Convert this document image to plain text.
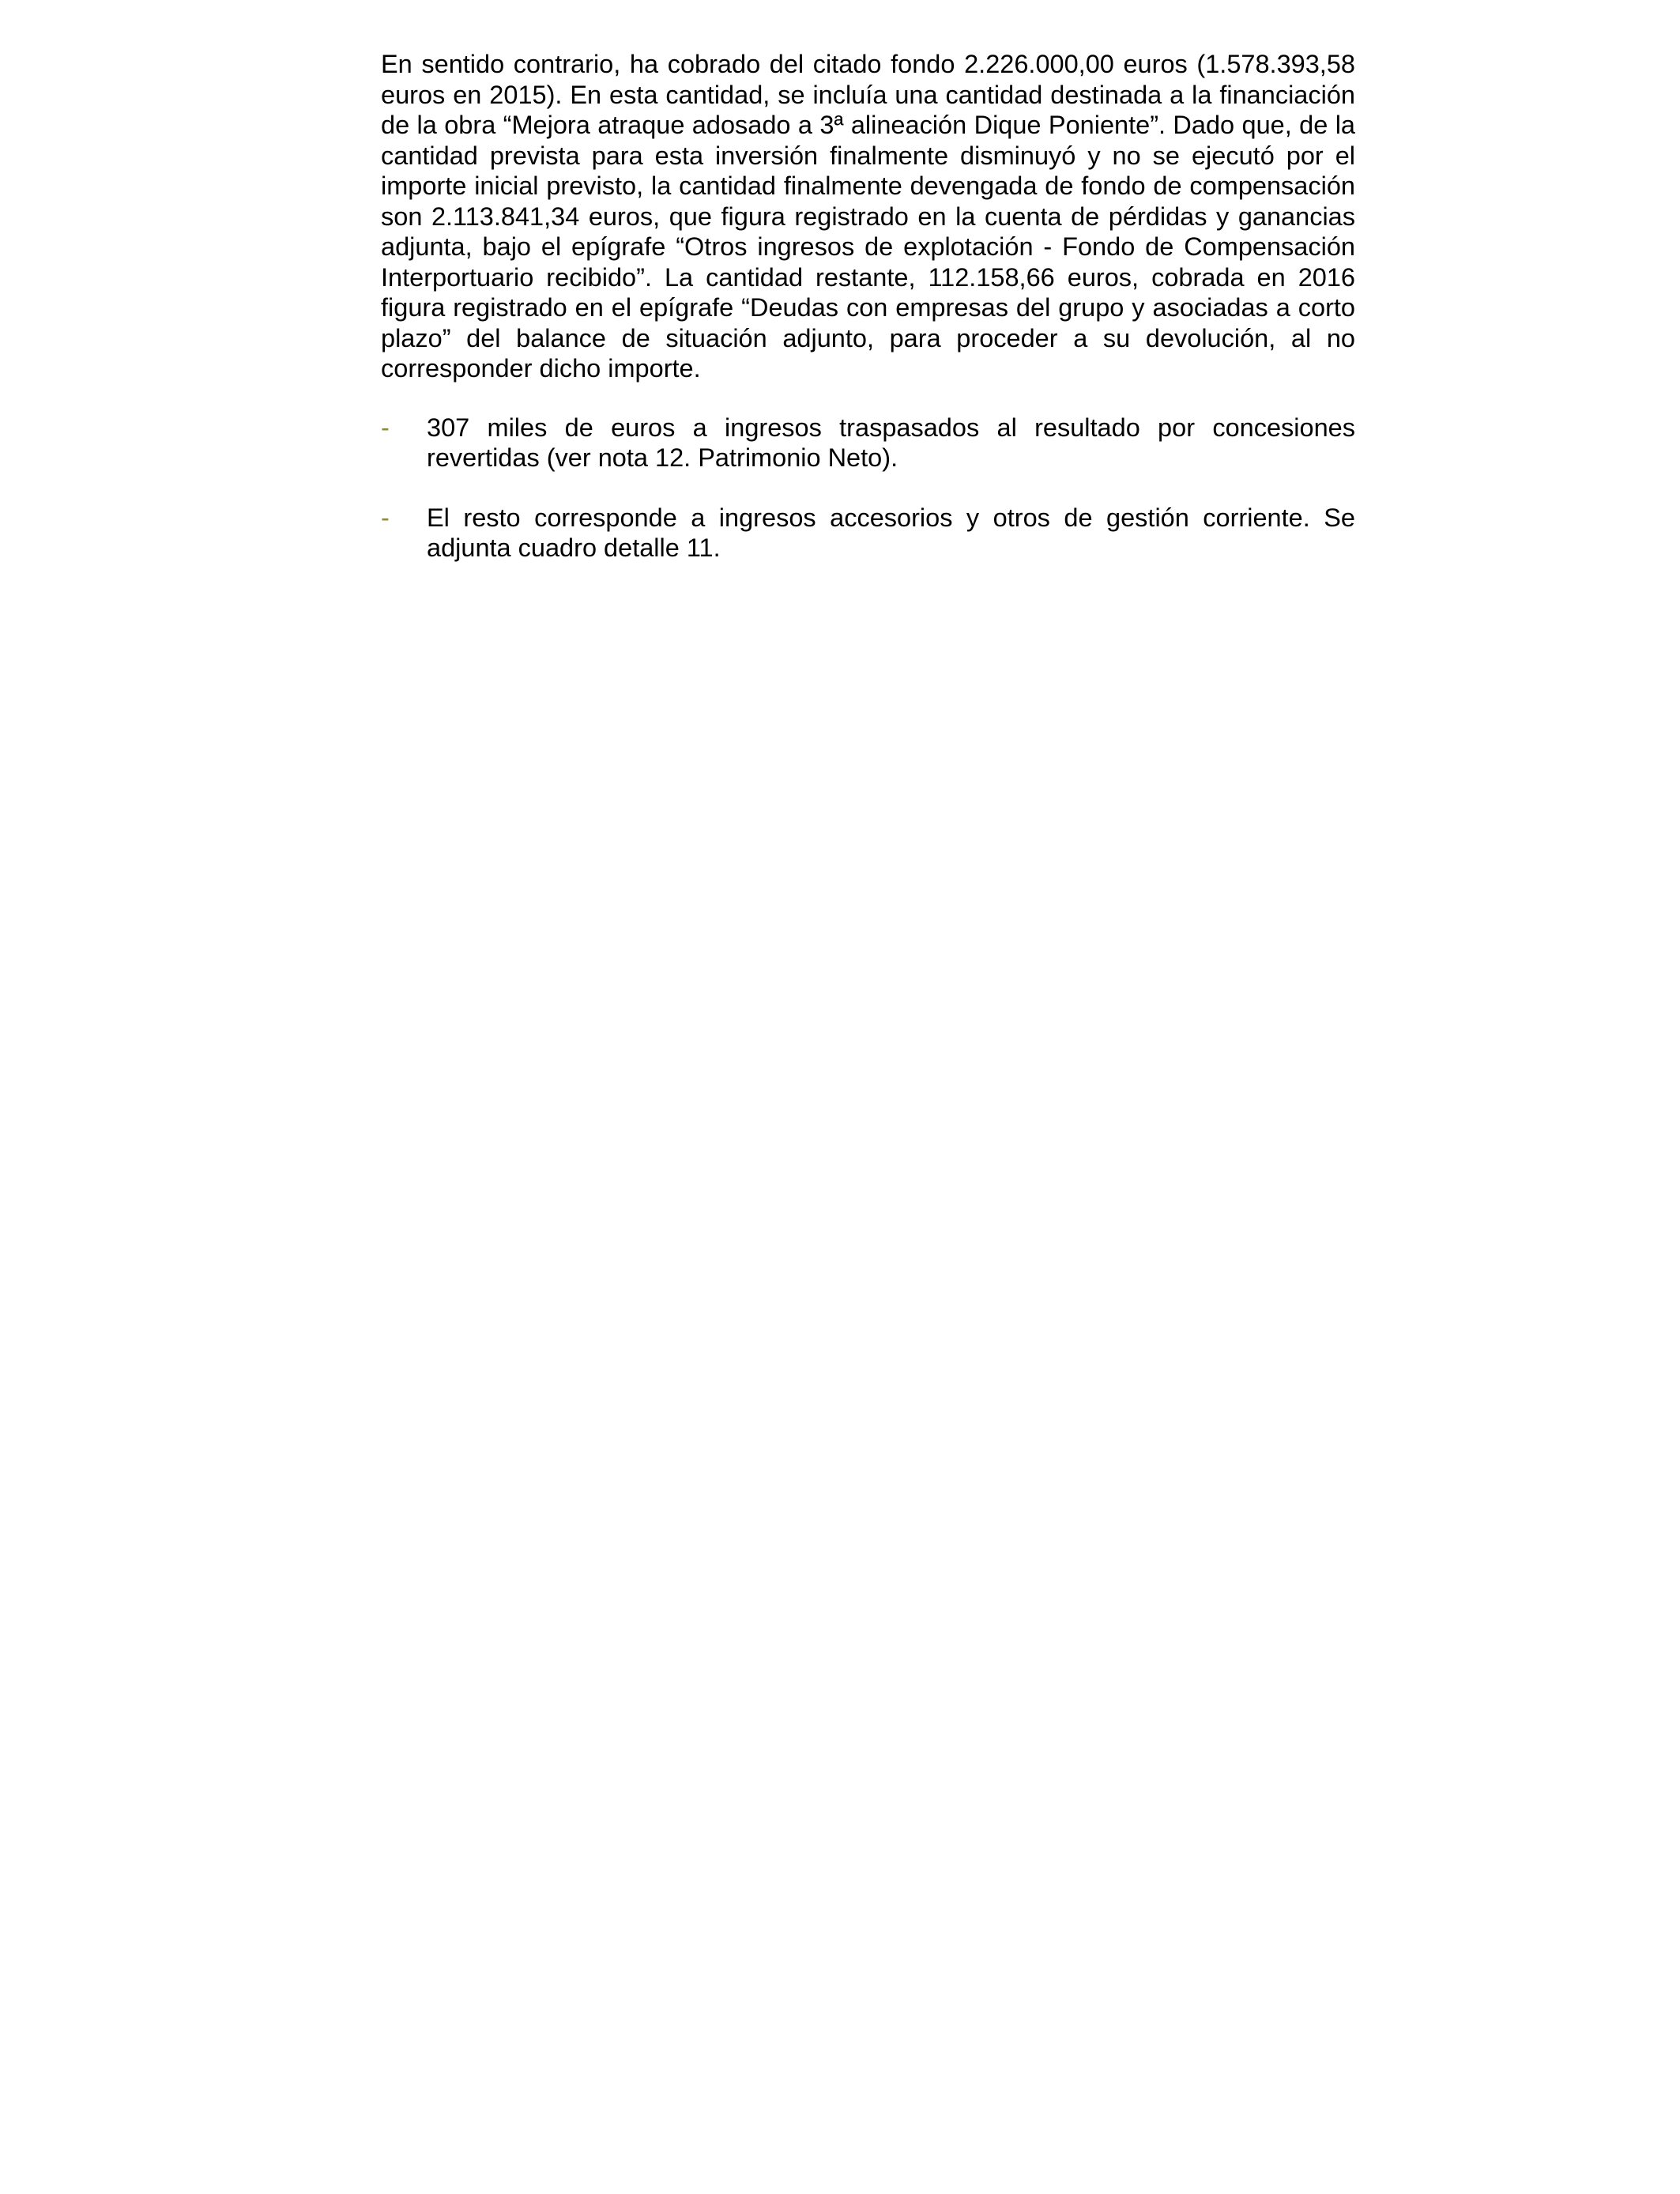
En sentido contrario, ha cobrado del citado fondo 2.226.000,00 euros (1.578.393,58 euros en 2015). En esta cantidad, se incluía una cantidad destinada a la financiación de la obra “Mejora atraque adosado a 3ª alineación Dique Poniente”. Dado que, de la cantidad prevista para esta inversión finalmente disminuyó y no se ejecutó por el importe inicial previsto, la cantidad finalmente devengada de fondo de compensación son 2.113.841,34 euros, que figura registrado en la cuenta de pérdidas y ganancias adjunta, bajo el epígrafe “Otros ingresos de explotación - Fondo de Compensación Interportuario recibido”. La cantidad restante, 112.158,66 euros, cobrada en 2016 figura registrado en el epígrafe “Deudas con empresas del grupo y asociadas a corto plazo” del balance de situación adjunto, para proceder a su devolución, al no corresponder dicho importe.

- 307 miles de euros a ingresos traspasados al resultado por concesiones revertidas (ver nota 12. Patrimonio Neto).
- El resto corresponde a ingresos accesorios y otros de gestión corriente. Se adjunta cuadro detalle 11.
